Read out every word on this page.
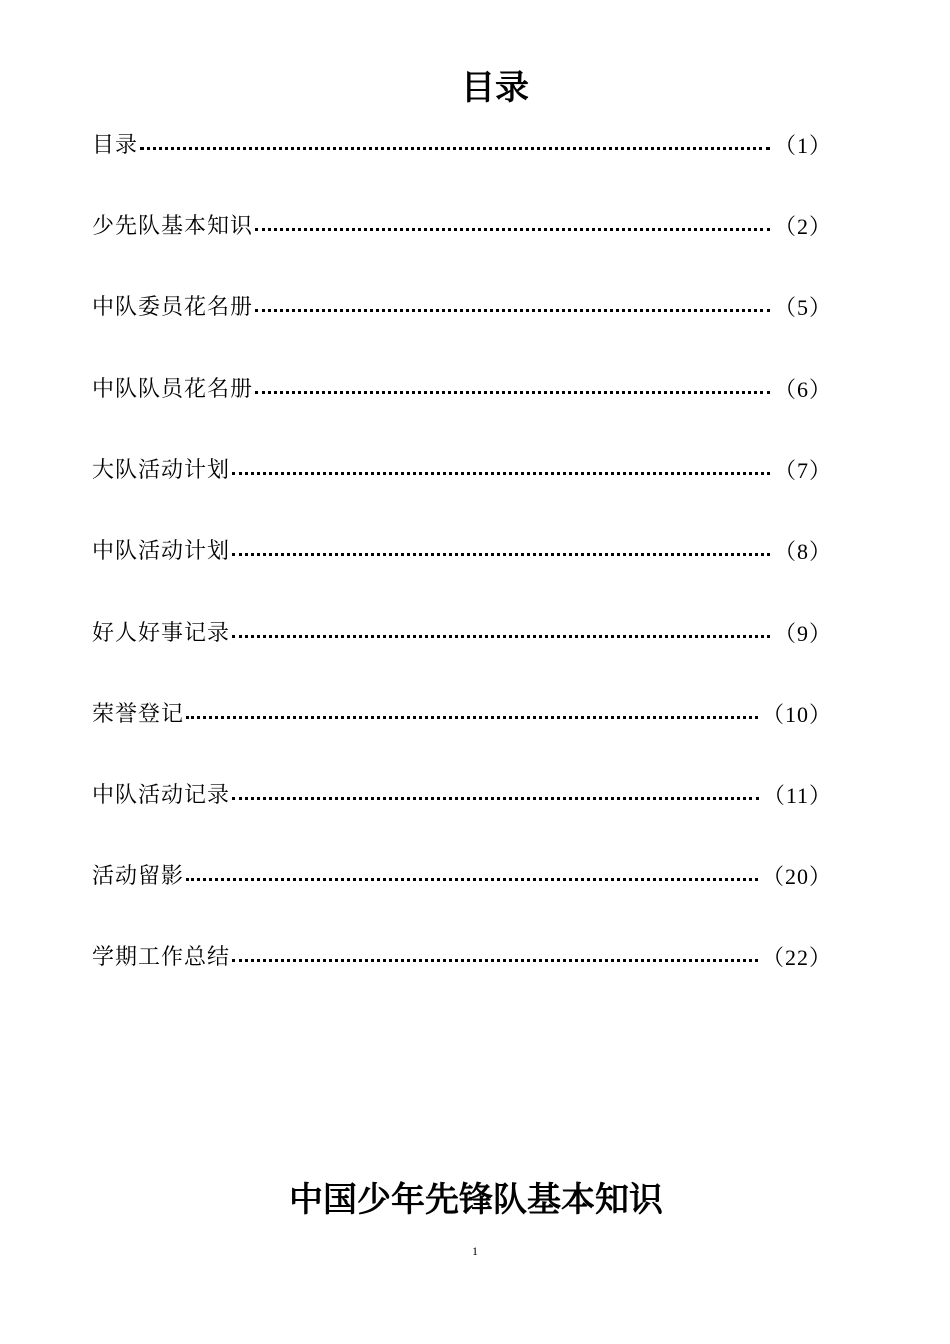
目录
目录	（1）
少先队基本知识	（2）
中队委员花名册	（5）
中队队员花名册	（6）
大队活动计划	（7）
中队活动计划	（8）
好人好事记录	（9）
荣誉登记	（10）
中队活动记录	（11）
活动留影	（20）
学期工作总结	（22）
中国少年先锋队基本知识
1
